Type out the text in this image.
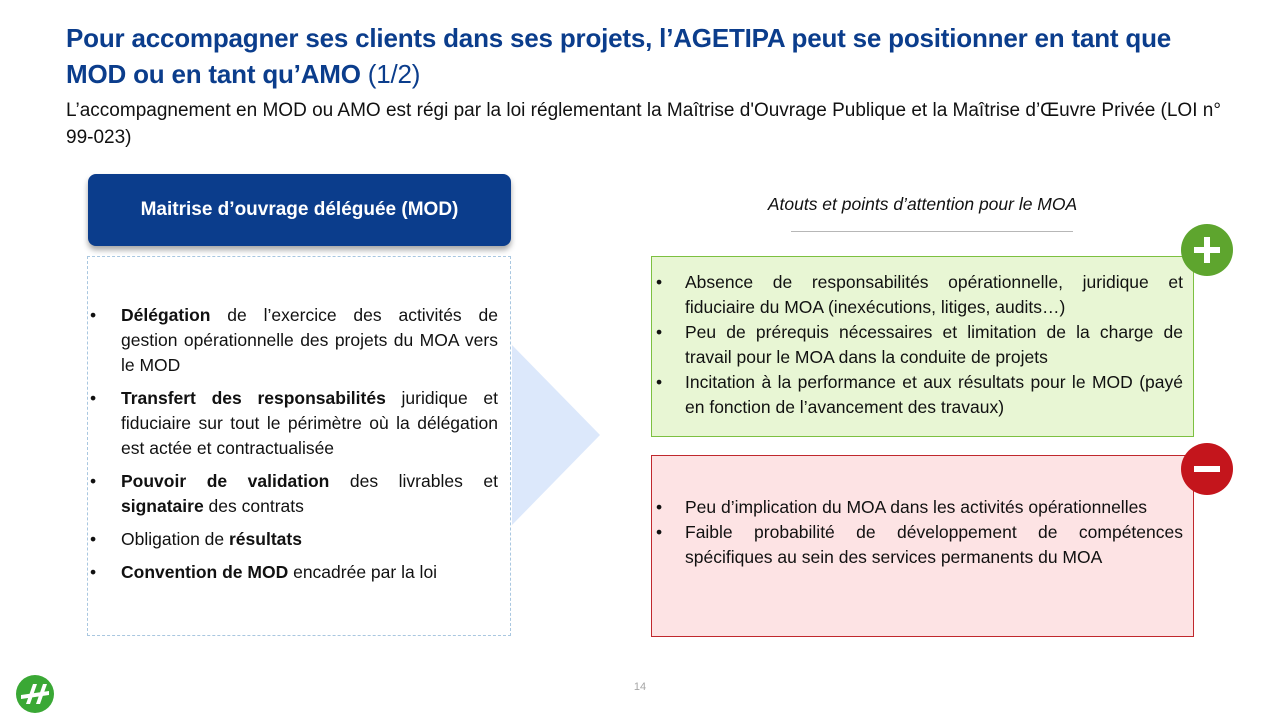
Pour accompagner ses clients dans ses projets, l’AGETIPA peut se positionner en tant que MOD ou en tant qu’AMO (1/2)
L’accompagnement en MOD ou AMO est régi par la loi réglementant la Maîtrise d'Ouvrage Publique et la Maîtrise d’Œuvre Privée (LOI n° 99-023)
• Délégation de l’exercice des activités de gestion opérationnelle des projets du MOA vers le MOD
• Transfert des responsabilités juridique et fiduciaire sur tout le périmètre où la délégation est actée et contractualisée
• Pouvoir de validation des livrables et signataire des contrats
• Obligation de résultats
• Convention de MOD encadrée par la loi
Maitrise d’ouvrage déléguée (MOD)	Atouts et points d’attention pour le MOA
• Absence de responsabilités opérationnelle, juridique et fiduciaire du MOA (inexécutions, litiges, audits…)
• Peu de prérequis nécessaires et limitation de la charge de travail pour le MOA dans la conduite de projets
• Incitation à la performance et aux résultats pour le MOD (payé en fonction de l’avancement des travaux)
• Peu d’implication du MOA dans les activités opérationnelles
• Faible probabilité de développement de compétences spécifiques au sein des services permanents du MOA
14
